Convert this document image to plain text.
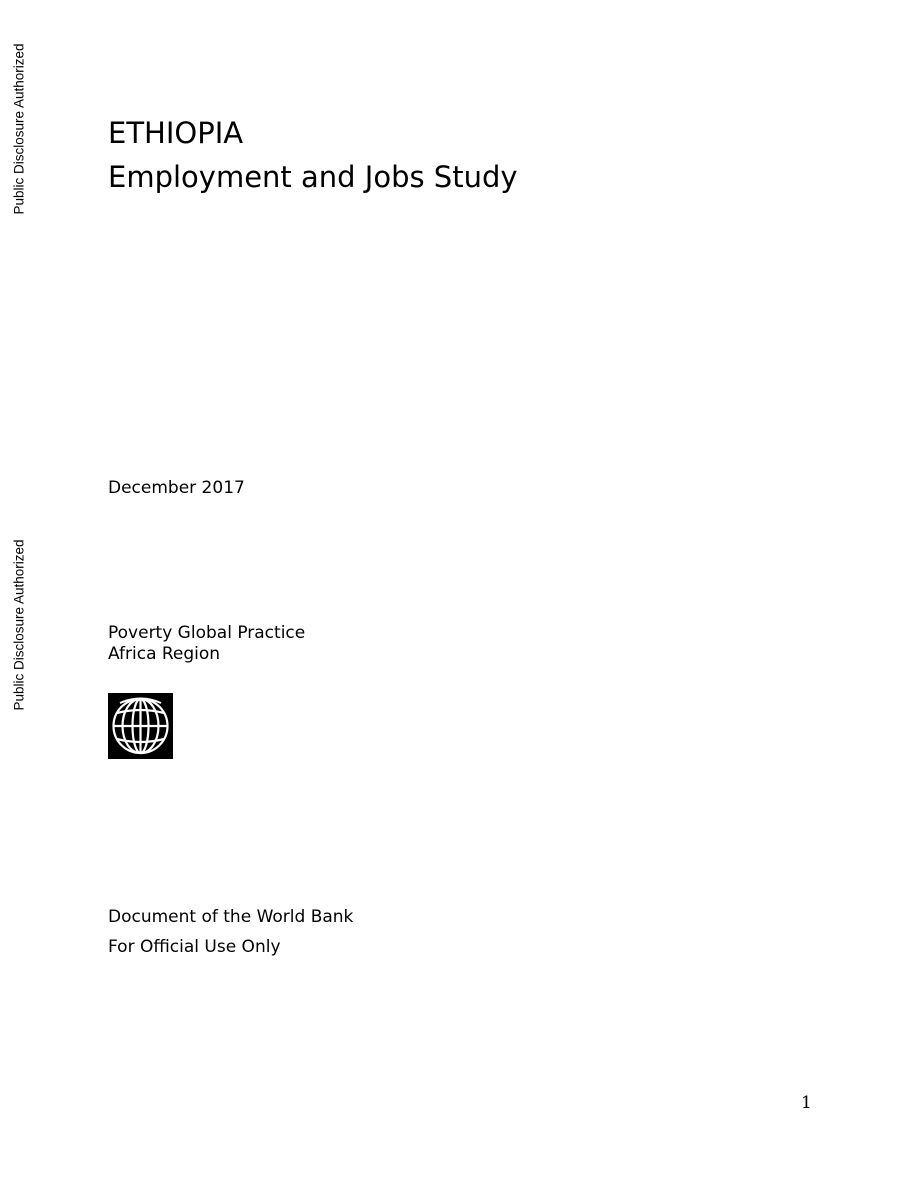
Public Disclosure Authorized
Public Disclosure Authorized
ETHIOPIA
Employment and Jobs Study
December 2017
Poverty Global Practice
Africa Region
Document of the World Bank
For Official Use Only
1
